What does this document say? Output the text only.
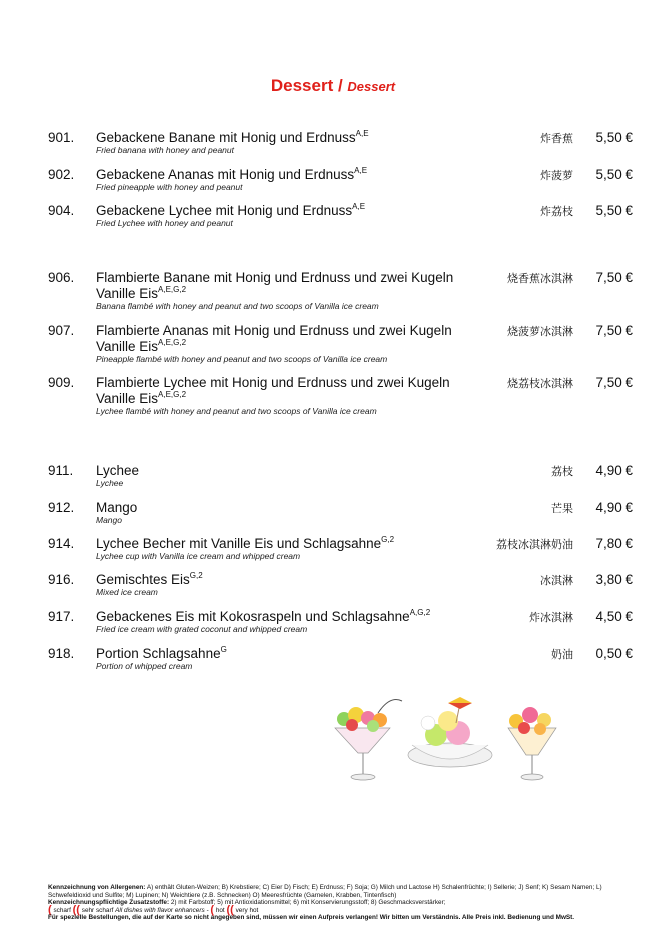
Dessert / Dessert
901. Gebackene Banane mit Honig und Erdnuss$^{A,E}$
Fried banana with honey and peanut
炸香蕉 5,50 €
902. Gebackene Ananas mit Honig und Erdnuss$^{A,E}$
Fried pineapple with honey and peanut
炸菠萝 5,50 €
904. Gebackene Lychee mit Honig und Erdnuss$^{A,E}$
Fried Lychee with honey and peanut
炸荔枝 5,50 €
906. Flambierte Banane mit Honig und Erdnuss und zwei Kugeln Vanille Eis$^{A,E,G,2}$
Banana flambé with honey and peanut and two scoops of Vanilla ice cream
烧香蕉冰淇淋 7,50 €
907. Flambierte Ananas mit Honig und Erdnuss und zwei Kugeln Vanille Eis$^{A,E,G,2}$
Pineapple flambé with honey and peanut and two scoops of Vanilla ice cream
烧菠萝冰淇淋 7,50 €
909. Flambierte Lychee mit Honig und Erdnuss und zwei Kugeln Vanille Eis$^{A,E,G,2}$
Lychee flambé with honey and peanut and two scoops of Vanilla ice cream
烧荔枝冰淇淋 7,50 €
911. Lychee
Lychee
荔枝 4,90 €
912. Mango
Mango
芒果 4,90 €
914. Lychee Becher mit Vanille Eis und Schlagsahne$^{G,2}$
Lychee cup with Vanilla ice cream and whipped cream
荔枝冰淇淋奶油 7,80 €
916. Gemischtes Eis$^{G,2}$
Mixed ice cream
冰淇淋 3,80 €
917. Gebackenes Eis mit Kokosraspeln und Schlagsahne$^{A,G,2}$
Fried ice cream with grated coconut and whipped cream
炸冰淇淋 4,50 €
918. Portion Schlagsahne$^G$
Portion of whipped cream
奶油 0,50 €
Kennzeichnung von Allergenen: A) enthält Gluten-Weizen; B) Krebstiere; C) Eier D) Fisch; E) Erdnuss; F) Soja; G) Milch und Lactose H) Schalenfrüchte; I) Sellerie; J) Senf; K) Sesam Namen; L) Schwefeldioxid und Sulfite; M) Lupinen; N) Weichtiere (z.B. Schnecken) O) Meeresfrüchte (Garnelen, Krabben, Tintenfisch)
Kennzeichnungspflichtige Zusatzstoffe: 2) mit Farbstoff; 5) mit Antioxidationsmittel; 6) mit Konservierungsstoff; 8) Geschmacksverstärker;
( scharf (( sehr scharf All dishes with flavor enhancers - ( hot (( very hot
Für spezielle Bestellungen, die auf der Karte so nicht angegeben sind, müssen wir einen Aufpreis verlangen! Wir bitten um Verständnis. Alle Preis inkl. Bedienung und MwSt.
